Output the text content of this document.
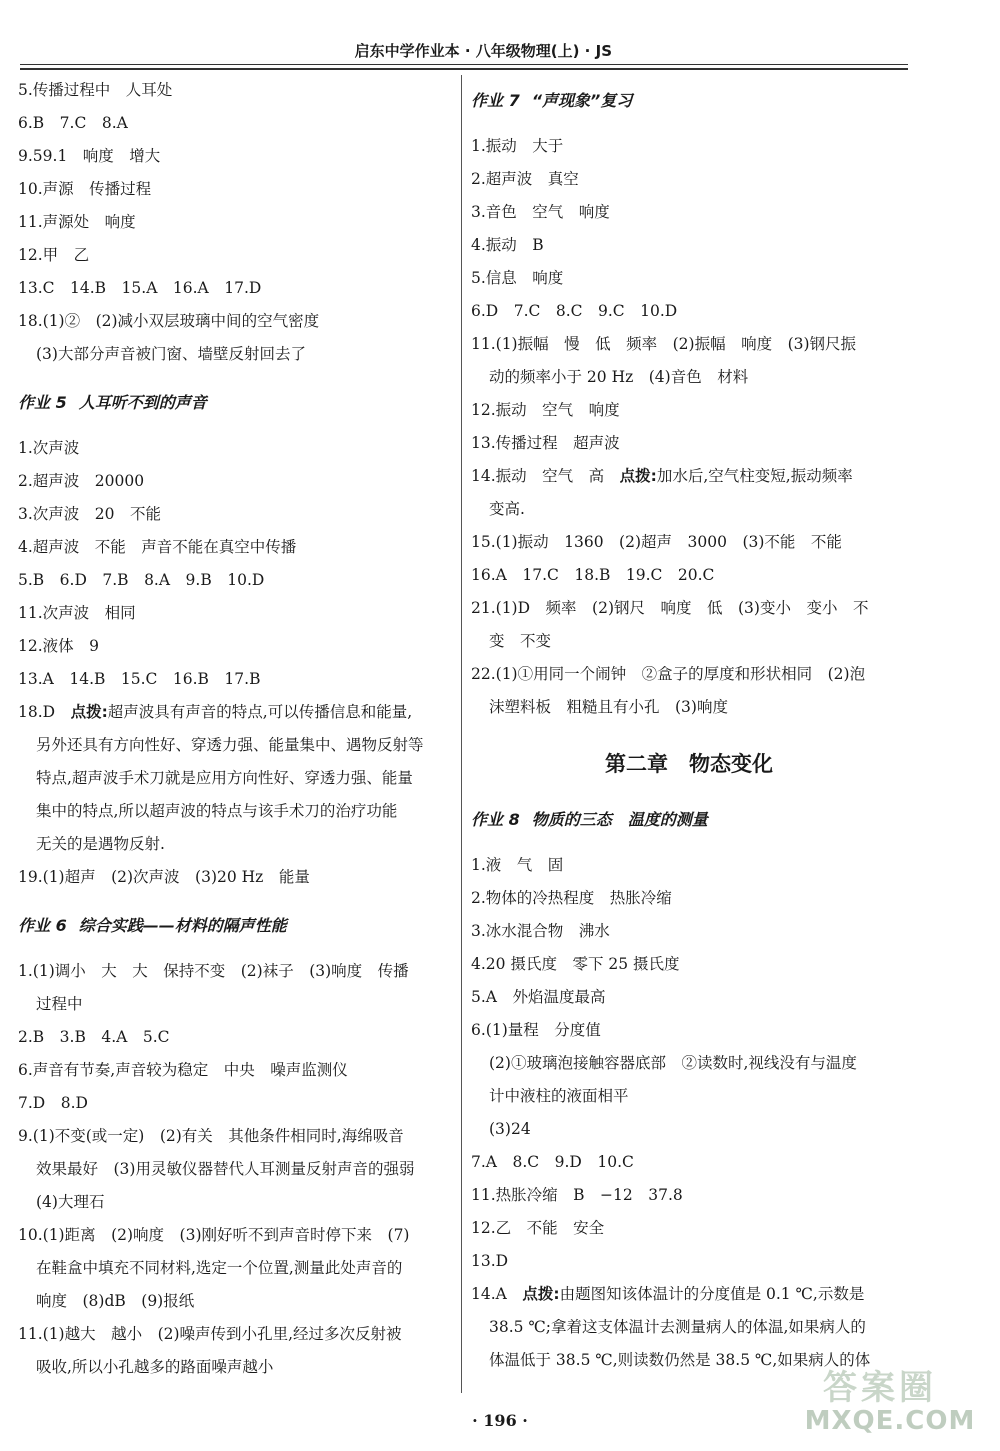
启东中学作业本 · 八年级物理(上) · JS
5.传播过程中　人耳处
6.B　7.C　8.A
9.59.1　响度　增大
10.声源　传播过程
11.声源处　响度
12.甲　乙
13.C　14.B　15.A　16.A　17.D
18.(1)②　(2)减小双层玻璃中间的空气密度
(3)大部分声音被门窗、墙壁反射回去了
作业 5 人耳听不到的声音
1.次声波
2.超声波　20000
3.次声波　20　不能
4.超声波　不能　声音不能在真空中传播
5.B　6.D　7.B　8.A　9.B　10.D
11.次声波　相同
12.液体　9
13.A　14.B　15.C　16.B　17.B
18.D　点拨:超声波具有声音的特点,可以传播信息和能量,
另外还具有方向性好、穿透力强、能量集中、遇物反射等
特点,超声波手术刀就是应用方向性好、穿透力强、能量
集中的特点,所以超声波的特点与该手术刀的治疗功能
无关的是遇物反射.
19.(1)超声　(2)次声波　(3)20 Hz　能量
作业 6 综合实践——材料的隔声性能
1.(1)调小　大　大　保持不变　(2)袜子　(3)响度　传播
过程中
2.B　3.B　4.A　5.C
6.声音有节奏,声音较为稳定　中央　噪声监测仪
7.D　8.D
9.(1)不变(或一定)　(2)有关　其他条件相同时,海绵吸音
效果最好　(3)用灵敏仪器替代人耳测量反射声音的强弱
(4)大理石
10.(1)距离　(2)响度　(3)刚好听不到声音时停下来　(7)
在鞋盒中填充不同材料,选定一个位置,测量此处声音的
响度　(8)dB　(9)报纸
11.(1)越大　越小　(2)噪声传到小孔里,经过多次反射被
吸收,所以小孔越多的路面噪声越小
作业 7 “声现象”复习
1.振动　大于
2.超声波　真空
3.音色　空气　响度
4.振动　B
5.信息　响度
6.D　7.C　8.C　9.C　10.D
11.(1)振幅　慢　低　频率　(2)振幅　响度　(3)钢尺振
动的频率小于 20 Hz　(4)音色　材料
12.振动　空气　响度
13.传播过程　超声波
14.振动　空气　高　点拨:加水后,空气柱变短,振动频率
变高.
15.(1)振动　1360　(2)超声　3000　(3)不能　不能
16.A　17.C　18.B　19.C　20.C
21.(1)D　频率　(2)钢尺　响度　低　(3)变小　变小　不
变　不变
22.(1)①用同一个闹钟　②盒子的厚度和形状相同　(2)泡
沫塑料板　粗糙且有小孔　(3)响度
第二章　物态变化
作业 8 物质的三态　温度的测量
1.液　气　固
2.物体的冷热程度　热胀冷缩
3.冰水混合物　沸水
4.20 摄氏度　零下 25 摄氏度
5.A　外焰温度最高
6.(1)量程　分度值
(2)①玻璃泡接触容器底部　②读数时,视线没有与温度
计中液柱的液面相平
(3)24
7.A　8.C　9.D　10.C
11.热胀冷缩　B　−12　37.8
12.乙　不能　安全
13.D
14.A　点拨:由题图知该体温计的分度值是 0.1 ℃,示数是
38.5 ℃;拿着这支体温计去测量病人的体温,如果病人的
体温低于 38.5 ℃,则读数仍然是 38.5 ℃,如果病人的体
· 196 ·
答案圈
MXQE.COM
